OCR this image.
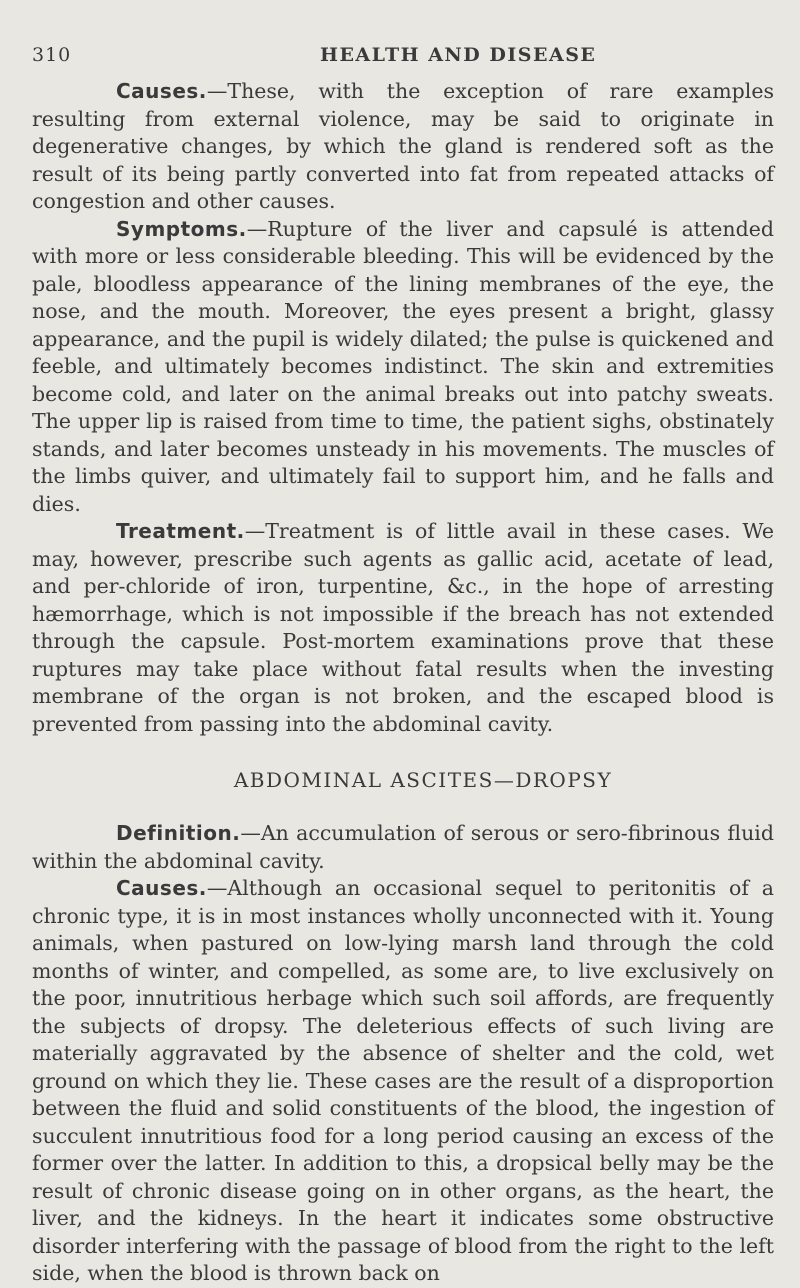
310	HEALTH AND DISEASE

Causes.—These, with the exception of rare examples resulting from external violence, may be said to originate in degenerative changes, by which the gland is rendered soft as the result of its being partly converted into fat from repeated attacks of congestion and other causes.

Symptoms.—Rupture of the liver and capsulé is attended with more or less considerable bleeding. This will be evidenced by the pale, bloodless appearance of the lining membranes of the eye, the nose, and the mouth. Moreover, the eyes present a bright, glassy appearance, and the pupil is widely dilated; the pulse is quickened and feeble, and ultimately becomes indistinct. The skin and extremities become cold, and later on the animal breaks out into patchy sweats. The upper lip is raised from time to time, the patient sighs, obstinately stands, and later becomes unsteady in his movements. The muscles of the limbs quiver, and ultimately fail to support him, and he falls and dies.

Treatment.—Treatment is of little avail in these cases. We may, however, prescribe such agents as gallic acid, acetate of lead, and per-chloride of iron, turpentine, &c., in the hope of arresting hæmorrhage, which is not impossible if the breach has not extended through the capsule. Post-mortem examinations prove that these ruptures may take place without fatal results when the investing membrane of the organ is not broken, and the escaped blood is prevented from passing into the abdominal cavity.

ABDOMINAL ASCITES—DROPSY

Definition.—An accumulation of serous or sero-fibrinous fluid within the abdominal cavity.

Causes.—Although an occasional sequel to peritonitis of a chronic type, it is in most instances wholly unconnected with it. Young animals, when pastured on low-lying marsh land through the cold months of winter, and compelled, as some are, to live exclusively on the poor, innutritious herbage which such soil affords, are frequently the subjects of dropsy. The deleterious effects of such living are materially aggravated by the absence of shelter and the cold, wet ground on which they lie. These cases are the result of a disproportion between the fluid and solid constituents of the blood, the ingestion of succulent innutritious food for a long period causing an excess of the former over the latter. In addition to this, a dropsical belly may be the result of chronic disease going on in other organs, as the heart, the liver, and the kidneys. In the heart it indicates some obstructive disorder interfering with the passage of blood from the right to the left side, when the blood is thrown back on
